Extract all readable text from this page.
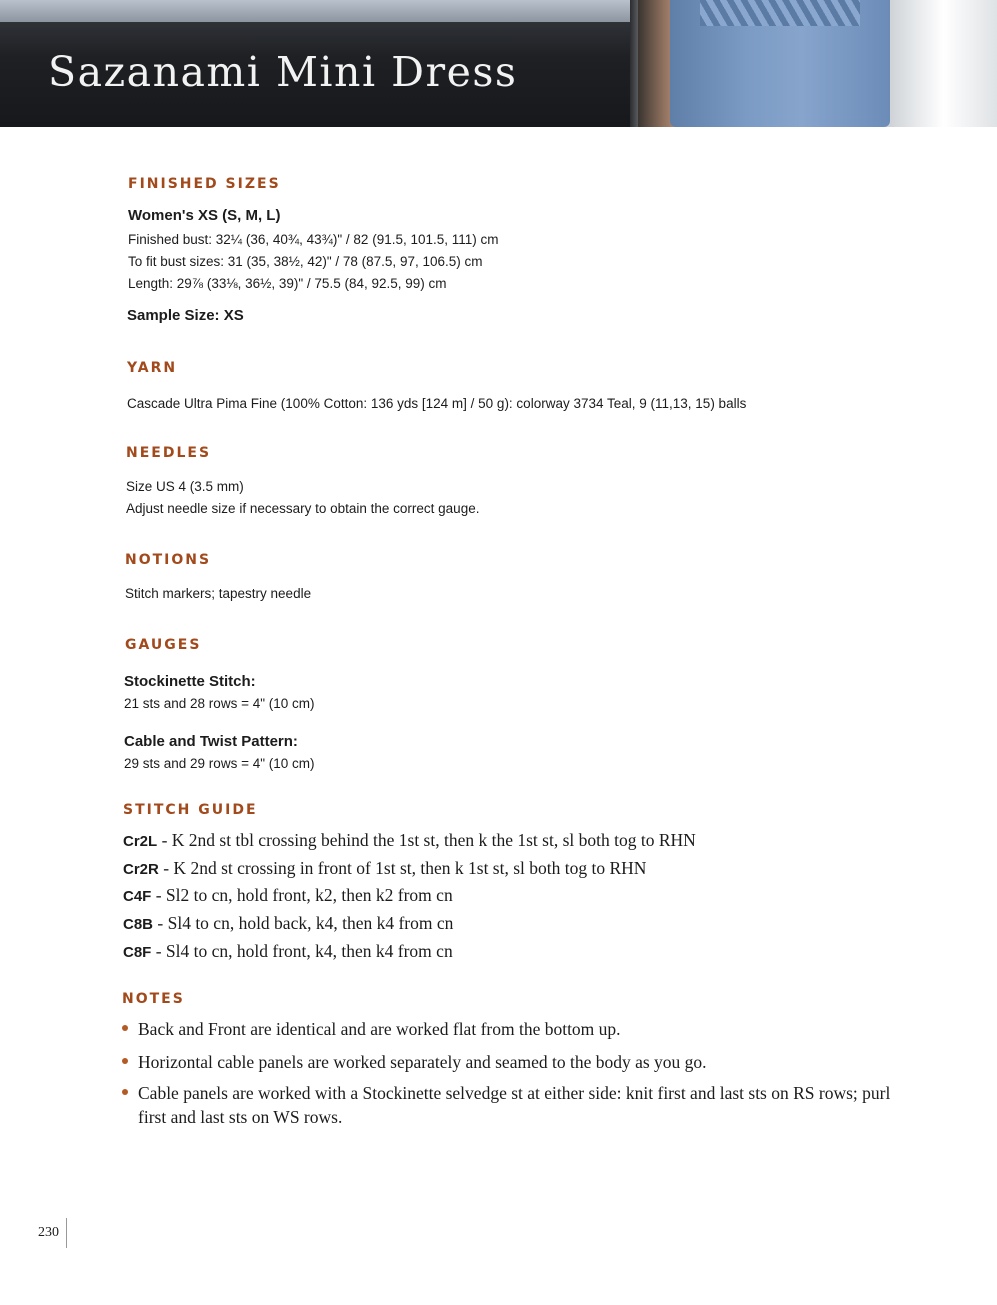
Sazanami Mini Dress
FINISHED SIZES

Women's XS (S, M, L)

Finished bust: 32¼ (36, 40¾, 43¾)" / 82 (91.5, 101.5, 111) cm

To fit bust sizes: 31 (35, 38½, 42)" / 78 (87.5, 97, 106.5) cm

Length: 29⅞ (33⅛, 36½, 39)" / 75.5 (84, 92.5, 99) cm

Sample Size: XS

YARN

Cascade Ultra Pima Fine (100% Cotton: 136 yds [124 m] / 50 g): colorway 3734 Teal, 9 (11,13, 15) balls

NEEDLES

Size US 4 (3.5 mm)

Adjust needle size if necessary to obtain the correct gauge.

NOTIONS

Stitch markers; tapestry needle

GAUGES

Stockinette Stitch:

21 sts and 28 rows = 4" (10 cm)

Cable and Twist Pattern:

29 sts and 29 rows = 4" (10 cm)

STITCH GUIDE

Cr2L - K 2nd st tbl crossing behind the 1st st, then k the 1st st, sl both tog to RHN

Cr2R - K 2nd st crossing in front of 1st st, then k 1st st, sl both tog to RHN

C4F - Sl2 to cn, hold front, k2, then k2 from cn

C8B - Sl4 to cn, hold back, k4, then k4 from cn

C8F - Sl4 to cn, hold front, k4, then k4 from cn

NOTES

Back and Front are identical and are worked flat from the bottom up.

Horizontal cable panels are worked separately and seamed to the body as you go.

Cable panels are worked with a Stockinette selvedge st at either side: knit first and last sts on RS rows; purl first and last sts on WS rows.

230
